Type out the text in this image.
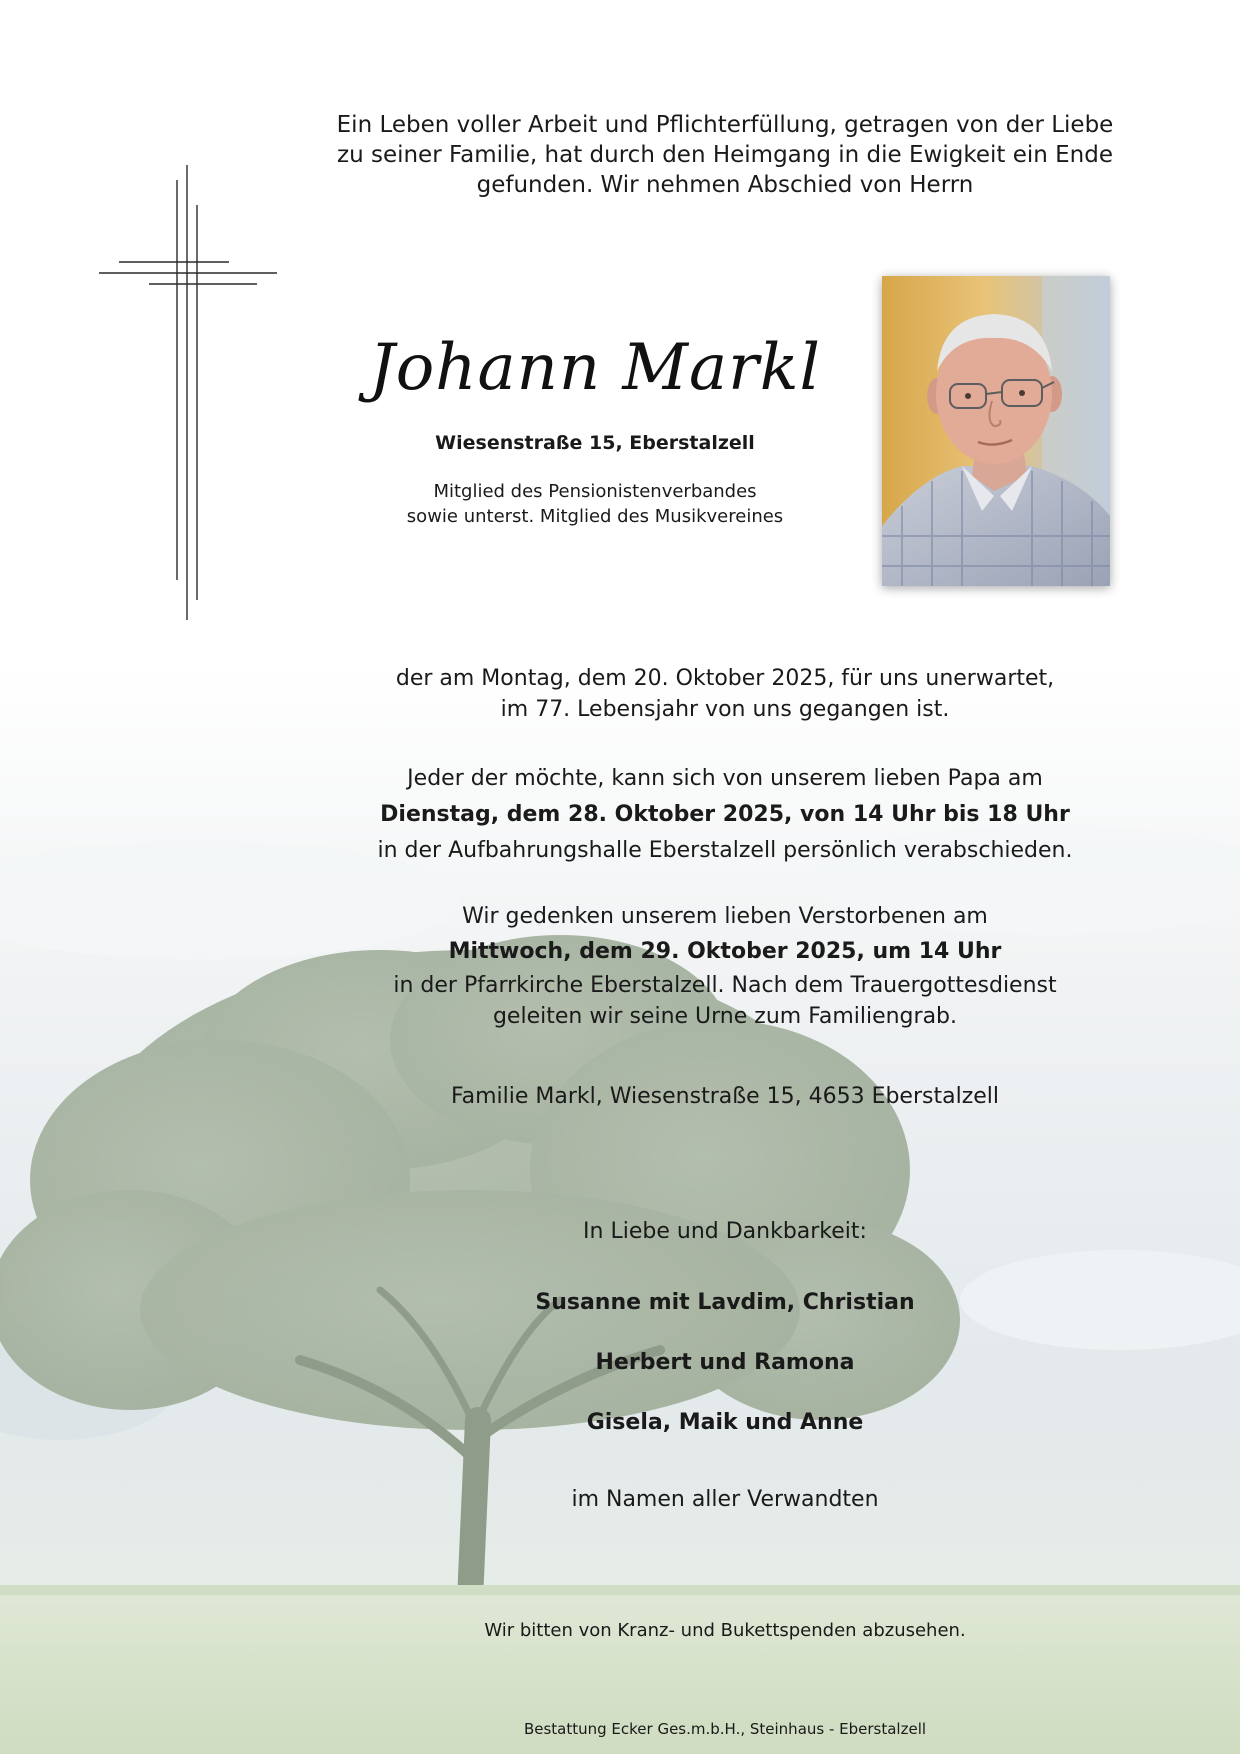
Ein Leben voller Arbeit und Pflichterfüllung, getragen von der Liebe
zu seiner Familie, hat durch den Heimgang in die Ewigkeit ein Ende
gefunden. Wir nehmen Abschied von Herrn
Johann Markl
Wiesenstraße 15, Eberstalzell
Mitglied des Pensionistenverbandes
sowie unterst. Mitglied des Musikvereines
der am Montag, dem 20. Oktober 2025, für uns unerwartet,
im 77. Lebensjahr von uns gegangen ist.
Jeder der möchte, kann sich von unserem lieben Papa am
Dienstag, dem 28. Oktober 2025, von 14 Uhr bis 18 Uhr
in der Aufbahrungshalle Eberstalzell persönlich verabschieden.
Wir gedenken unserem lieben Verstorbenen am
Mittwoch, dem 29. Oktober 2025, um 14 Uhr
in der Pfarrkirche Eberstalzell. Nach dem Trauergottesdienst
geleiten wir seine Urne zum Familiengrab.
Familie Markl, Wiesenstraße 15, 4653 Eberstalzell
In Liebe und Dankbarkeit:
Susanne mit Lavdim, Christian
Herbert und Ramona
Gisela, Maik und Anne
im Namen aller Verwandten
Wir bitten von Kranz- und Bukettspenden abzusehen.
Bestattung Ecker Ges.m.b.H., Steinhaus - Eberstalzell
